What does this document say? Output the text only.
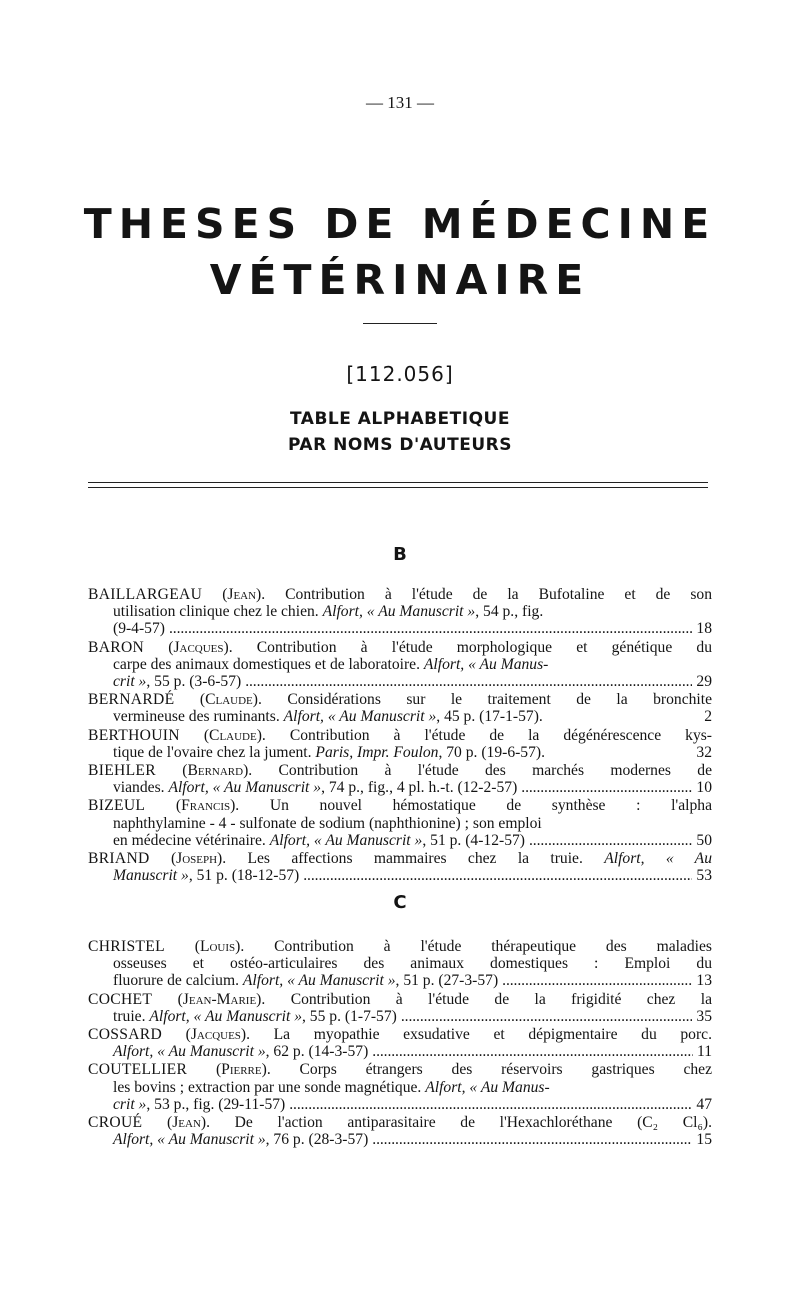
— 131 —
THESES DE MÉDECINE
VÉTÉRINAIRE
[112.056]
TABLE ALPHABETIQUE
PAR NOMS D'AUTEURS
B
BAILLARGEAU (Jean). Contribution à l'étude de la Bufotaline et de son
utilisation clinique chez le chien. Alfort, « Au Manuscrit », 54 p., fig.
(9-4-57) . . .	18
BARON (Jacques). Contribution à l'étude morphologique et génétique du
carpe des animaux domestiques et de laboratoire. Alfort, « Au Manus-
crit », 55 p. (3-6-57) . . .	29
BERNARDÉ (Claude). Considérations sur le traitement de la bronchite
vermineuse des ruminants. Alfort, « Au Manuscrit », 45 p. (17-1-57).	2
BERTHOUIN (Claude). Contribution à l'étude de la dégénérescence kys-
tique de l'ovaire chez la jument. Paris, Impr. Foulon, 70 p. (19-6-57).	32
BIEHLER (Bernard). Contribution à l'étude des marchés modernes de
viandes. Alfort, « Au Manuscrit », 74 p., fig., 4 pl. h.-t. (12-2-57) . . .	10
BIZEUL (Francis). Un nouvel hémostatique de synthèse : l'alpha
naphthylamine - 4 - sulfonate de sodium (naphthionine) ; son emploi
en médecine vétérinaire. Alfort, « Au Manuscrit », 51 p. (4-12-57) . . .	50
BRIAND (Joseph). Les affections mammaires chez la truie. Alfort, « Au
Manuscrit », 51 p. (18-12-57) . . .	53
C
CHRISTEL (Louis). Contribution à l'étude thérapeutique des maladies
osseuses et ostéo-articulaires des animaux domestiques : Emploi du
fluorure de calcium. Alfort, « Au Manuscrit », 51 p. (27-3-57) . . .	13
COCHET (Jean-Marie). Contribution à l'étude de la frigidité chez la
truie. Alfort, « Au Manuscrit », 55 p. (1-7-57) . . .	35
COSSARD (Jacques). La myopathie exsudative et dépigmentaire du porc.
Alfort, « Au Manuscrit », 62 p. (14-3-57) . . .	11
COUTELLIER (Pierre). Corps étrangers des réservoirs gastriques chez
les bovins ; extraction par une sonde magnétique. Alfort, « Au Manus-
crit », 53 p., fig. (29-11-57) . . .	47
CROUÉ (Jean). De l'action antiparasitaire de l'Hexachloréthane (C₂ Cl₆).
Alfort, « Au Manuscrit », 76 p. (28-3-57) . . .	15
